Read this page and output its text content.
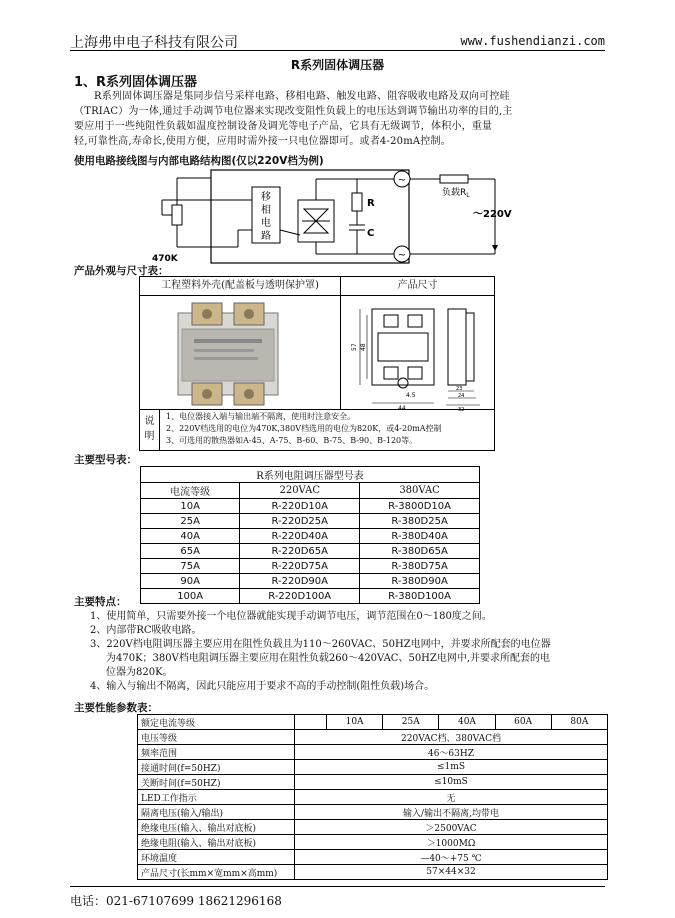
上海弗申电子科技有限公司	www.fushendianzi.com
R系列固体调压器
1、R系列固体调压器

R系列固体调压器是集同步信号采样电路、移相电路、触发电路、阻容吸收电路及双向可控硅

（TRIAC）为一体,通过手动调节电位器来实现改变阻性负载上的电压达到调节输出功率的目的,主

要应用于一些纯阻性负载如温度控制设备及调光等电子产品，它具有无级调节，体积小，重量

轻,可靠性高,寿命长,使用方便，应用时需外接一只电位器即可。或者4-20mA控制。

使用电路接线图与内部电路结构图(仅以220V档为例)
移
相
电
路
R
C
~
~
负载$R_L$
～220V
470K
产品外观与尺寸表：
工程塑料外壳(配盖板与透明保护罩)	产品尺寸
57 48
4.5
44
23
24
32
说
明
1、电位器接入端与输出端不隔离，使用时注意安全。
2、220V档选用的电位为470K,380V档选用的电位为820K，或4-20mA控制
3、可选用的散热器如A-45、A-75、B-60、B-75、B-90、B-120等。
主要型号表：
R系列电阻调压器型号表		
电流等级	220VAC	380VAC
10A	R-220D10A	R-3800D10A
25A	R-220D25A	R-380D25A
40A	R-220D40A	R-380D40A
65A	R-220D65A	R-380D65A
75A	R-220D75A	R-380D75A
90A	R-220D90A	R-380D90A
100A	R-220D100A	R-380D100A
主要特点：

1、使用简单，只需要外接一个电位器就能实现手动调节电压，调节范围在0～180度之间。

2、内部带RC吸收电路。

3、220V档电阻调压器主要应用在阻性负载且为110～260VAC、50HZ电网中，并要求所配套的电位器

为470K；380V档电阻调压器主要应用在阻性负载260～420VAC、50HZ电网中,并要求所配套的电

位器为820K。

4、输入与输出不隔离，因此只能应用于要求不高的手动控制(阻性负载)场合。

主要性能参数表：
额定电流等级		10A	25A	40A	60A	80A
电压等级	220VAC档、380VAC档					
频率范围	46～63HZ					
接通时间(f=50HZ)	≤1mS					
关断时间(f=50HZ)	≤10mS					
LED工作指示	无					
隔离电压(输入/输出)	输入/输出不隔离,均带电					
绝缘电压(输入、输出对底板)	＞2500VAC					
绝缘电阻(输入、输出对底板)	＞1000MΩ					
环境温度	—40～+75 ℃					
产品尺寸(长mm×宽mm×高mm)	57×44×32					
电话：021-67107699 18621296168
